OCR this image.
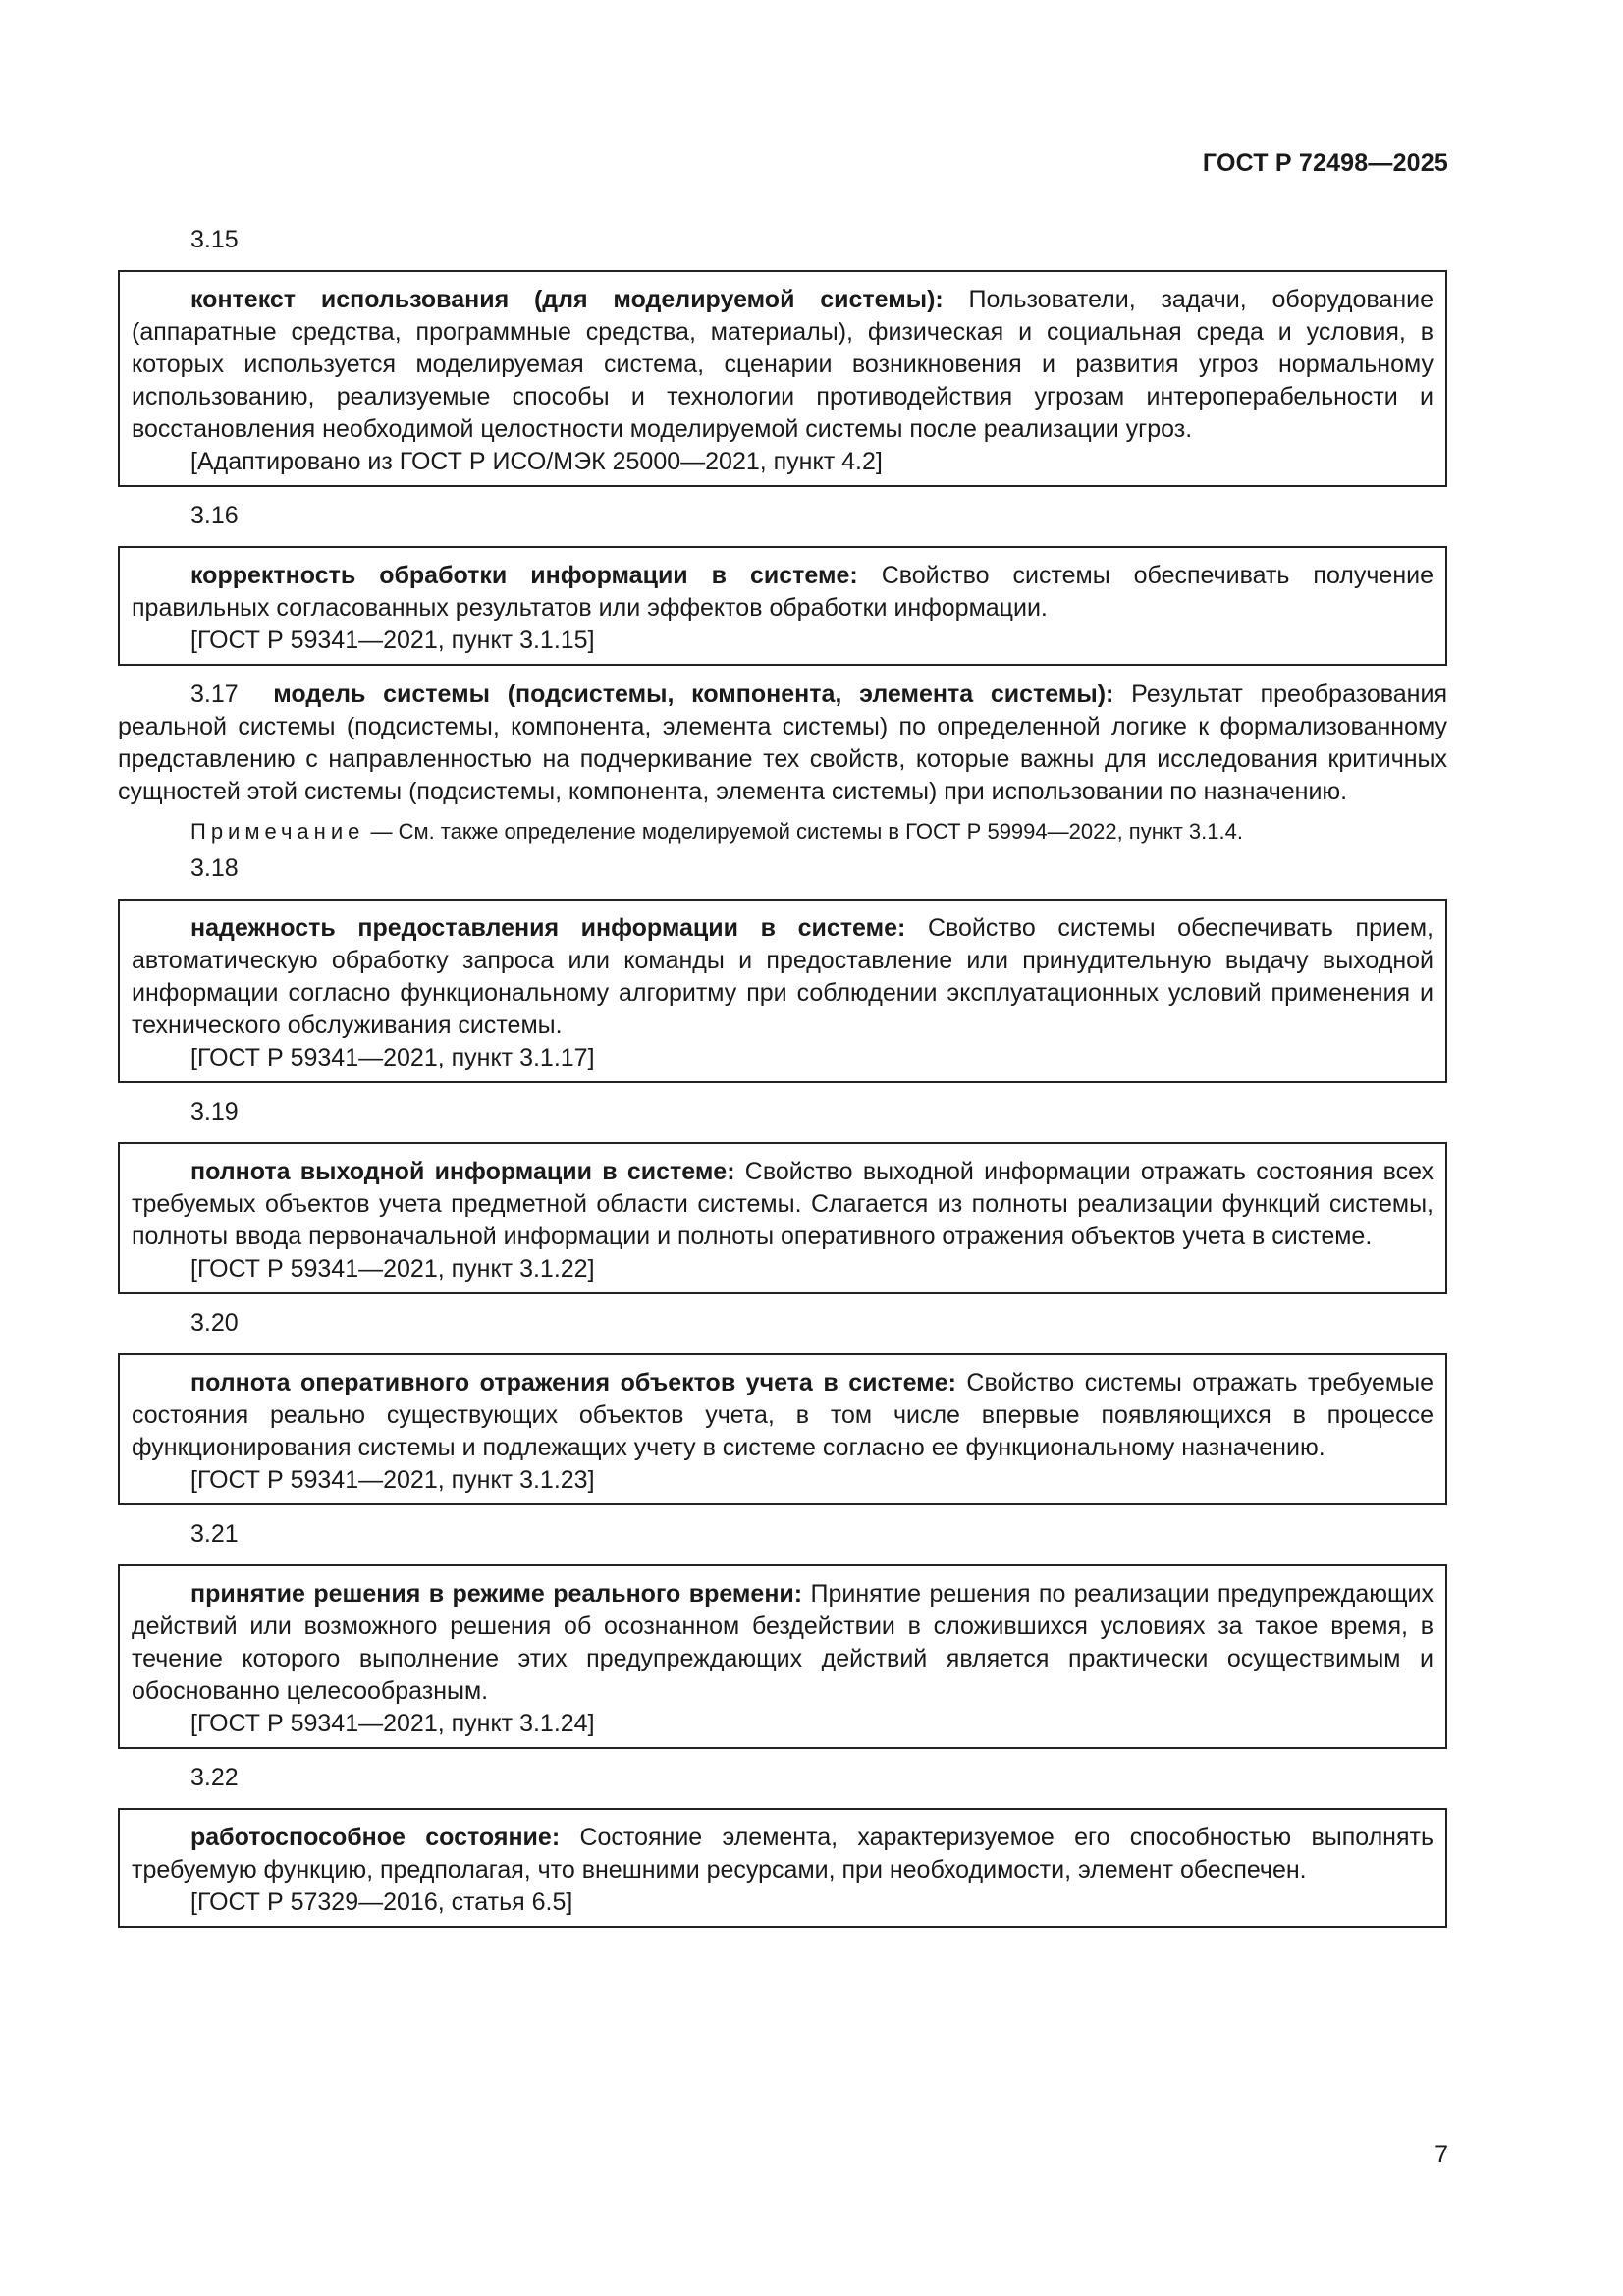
ГОСТ Р 72498—2025

3.15

контекст использования (для моделируемой системы): Пользователи, задачи, оборудование (аппаратные средства, программные средства, материалы), физическая и социальная среда и условия, в которых используется моделируемая система, сценарии возникновения и развития угроз нормальному использованию, реализуемые способы и технологии противодействия угрозам интероперабельности и восстановления необходимой целостности моделируемой системы после реализации угроз.

[Адаптировано из ГОСТ Р ИСО/МЭК 25000—2021, пункт 4.2]

3.16

корректность обработки информации в системе: Свойство системы обеспечивать получение правильных согласованных результатов или эффектов обработки информации.

[ГОСТ Р 59341—2021, пункт 3.1.15]

3.17 модель системы (подсистемы, компонента, элемента системы): Результат преобразования реальной системы (подсистемы, компонента, элемента системы) по определенной логике к формализованному представлению с направленностью на подчеркивание тех свойств, которые важны для исследования критичных сущностей этой системы (подсистемы, компонента, элемента системы) при использовании по назначению.

Примечание — См. также определение моделируемой системы в ГОСТ Р 59994—2022, пункт 3.1.4.

3.18

надежность предоставления информации в системе: Свойство системы обеспечивать прием, автоматическую обработку запроса или команды и предоставление или принудительную выдачу выходной информации согласно функциональному алгоритму при соблюдении эксплуатационных условий применения и технического обслуживания системы.

[ГОСТ Р 59341—2021, пункт 3.1.17]

3.19

полнота выходной информации в системе: Свойство выходной информации отражать состояния всех требуемых объектов учета предметной области системы. Слагается из полноты реализации функций системы, полноты ввода первоначальной информации и полноты оперативного отражения объектов учета в системе.

[ГОСТ Р 59341—2021, пункт 3.1.22]

3.20

полнота оперативного отражения объектов учета в системе: Свойство системы отражать требуемые состояния реально существующих объектов учета, в том числе впервые появляющихся в процессе функционирования системы и подлежащих учету в системе согласно ее функциональному назначению.

[ГОСТ Р 59341—2021, пункт 3.1.23]

3.21

принятие решения в режиме реального времени: Принятие решения по реализации предупреждающих действий или возможного решения об осознанном бездействии в сложившихся условиях за такое время, в течение которого выполнение этих предупреждающих действий является практически осуществимым и обоснованно целесообразным.

[ГОСТ Р 59341—2021, пункт 3.1.24]

3.22

работоспособное состояние: Состояние элемента, характеризуемое его способностью выполнять требуемую функцию, предполагая, что внешними ресурсами, при необходимости, элемент обеспечен.

[ГОСТ Р 57329—2016, статья 6.5]

7
